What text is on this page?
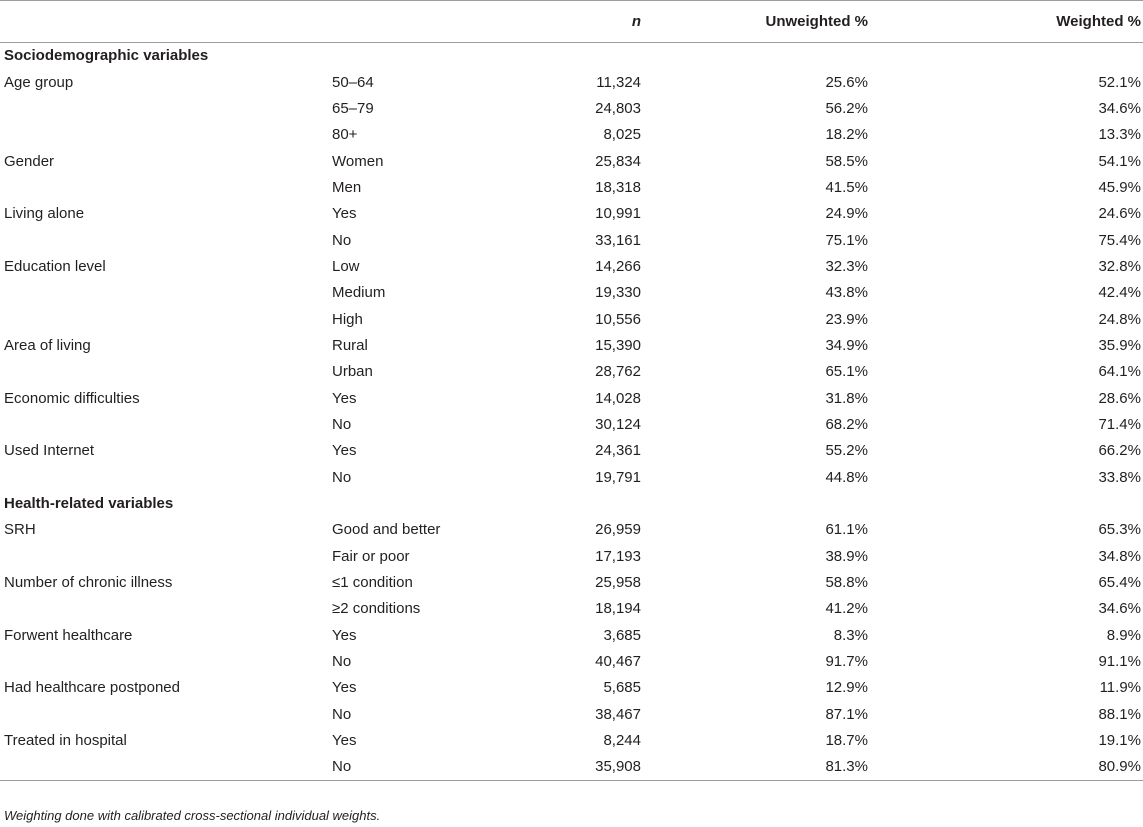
		n	Unweighted %	Weighted %
Sociodemographic variables				
Age group	50–64	11,324	25.6%	52.1%
	65–79	24,803	56.2%	34.6%
	80+	8,025	18.2%	13.3%
Gender	Women	25,834	58.5%	54.1%
	Men	18,318	41.5%	45.9%
Living alone	Yes	10,991	24.9%	24.6%
	No	33,161	75.1%	75.4%
Education level	Low	14,266	32.3%	32.8%
	Medium	19,330	43.8%	42.4%
	High	10,556	23.9%	24.8%
Area of living	Rural	15,390	34.9%	35.9%
	Urban	28,762	65.1%	64.1%
Economic difficulties	Yes	14,028	31.8%	28.6%
	No	30,124	68.2%	71.4%
Used Internet	Yes	24,361	55.2%	66.2%
	No	19,791	44.8%	33.8%
Health-related variables				
SRH	Good and better	26,959	61.1%	65.3%
	Fair or poor	17,193	38.9%	34.8%
Number of chronic illness	≤1 condition	25,958	58.8%	65.4%
	≥2 conditions	18,194	41.2%	34.6%
Forwent healthcare	Yes	3,685	8.3%	8.9%
	No	40,467	91.7%	91.1%
Had healthcare postponed	Yes	5,685	12.9%	11.9%
	No	38,467	87.1%	88.1%
Treated in hospital	Yes	8,244	18.7%	19.1%
	No	35,908	81.3%	80.9%
Weighting done with calibrated cross-sectional individual weights.
